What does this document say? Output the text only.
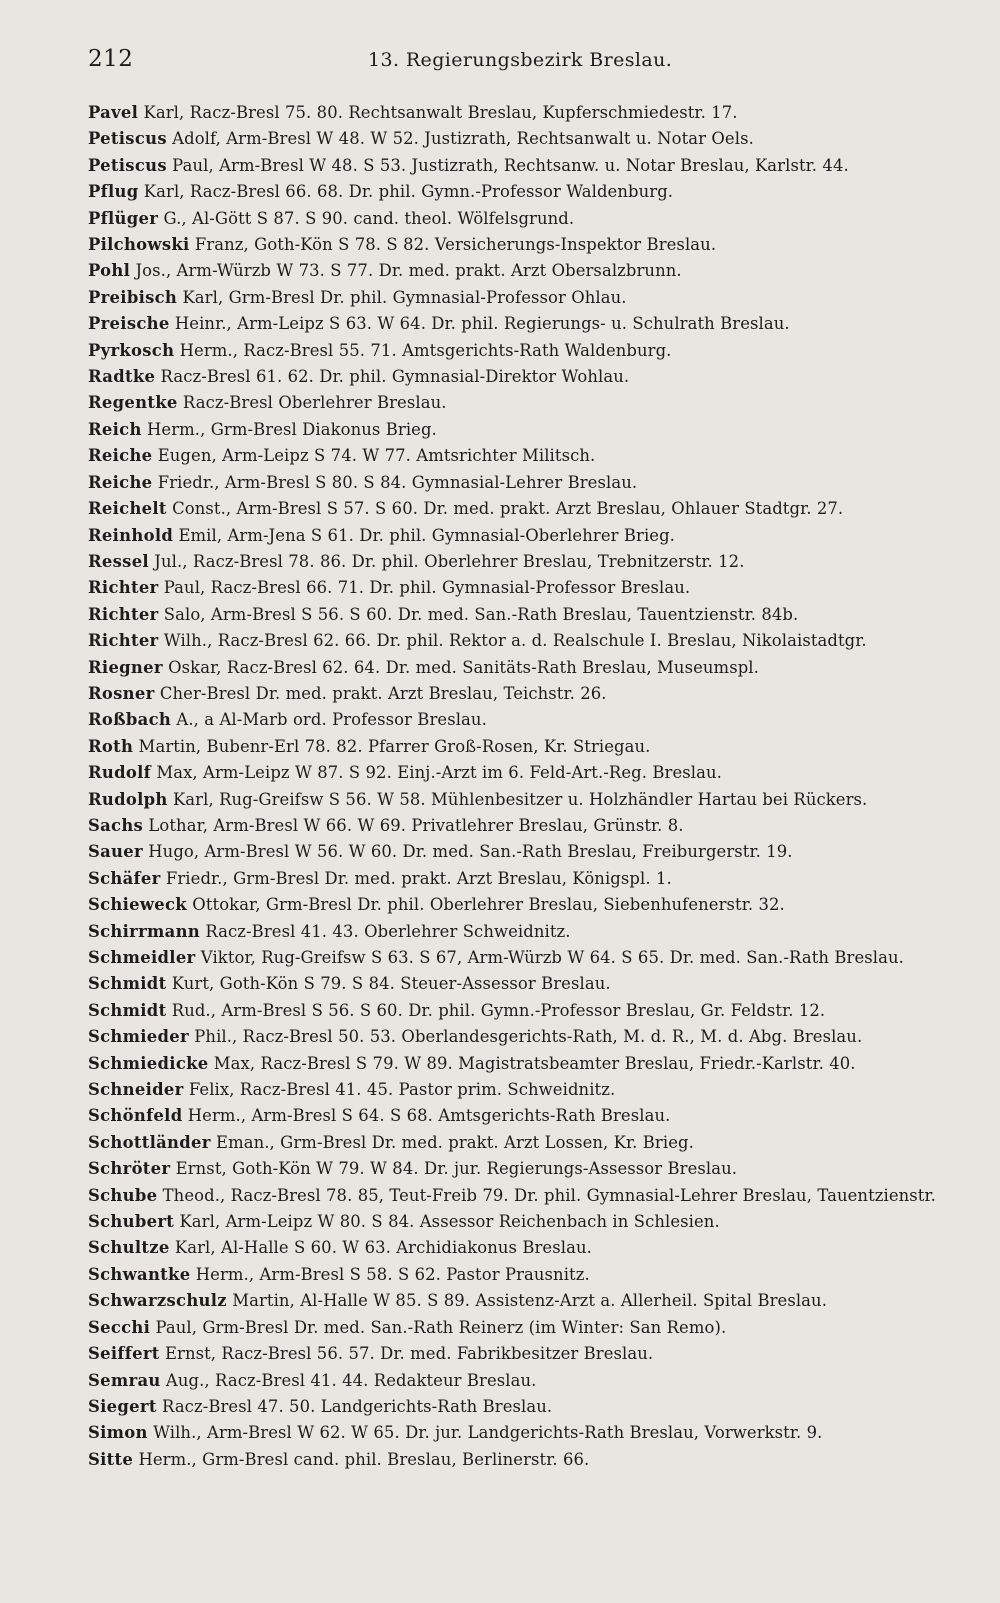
212	13. Regierungsbezirk Breslau.
Pavel Karl, Racz-Bresl 75. 80. Rechtsanwalt Breslau, Kupferschmiedestr. 17.
Petiscus Adolf, Arm-Bresl W 48. W 52. Justizrath, Rechtsanwalt u. Notar Oels.
Petiscus Paul, Arm-Bresl W 48. S 53. Justizrath, Rechtsanw. u. Notar Breslau, Karlstr. 44.
Pflug Karl, Racz-Bresl 66. 68. Dr. phil. Gymn.-Professor Waldenburg.
Pflüger G., Al-Gött S 87. S 90. cand. theol. Wölfelsgrund.
Pilchowski Franz, Goth-Kön S 78. S 82. Versicherungs-Inspektor Breslau.
Pohl Jos., Arm-Würzb W 73. S 77. Dr. med. prakt. Arzt Obersalzbrunn.
Preibisch Karl, Grm-Bresl Dr. phil. Gymnasial-Professor Ohlau.
Preische Heinr., Arm-Leipz S 63. W 64. Dr. phil. Regierungs- u. Schulrath Breslau.
Pyrkosch Herm., Racz-Bresl 55. 71. Amtsgerichts-Rath Waldenburg.
Radtke Racz-Bresl 61. 62. Dr. phil. Gymnasial-Direktor Wohlau.
Regentke Racz-Bresl Oberlehrer Breslau.
Reich Herm., Grm-Bresl Diakonus Brieg.
Reiche Eugen, Arm-Leipz S 74. W 77. Amtsrichter Militsch.
Reiche Friedr., Arm-Bresl S 80. S 84. Gymnasial-Lehrer Breslau.
Reichelt Const., Arm-Bresl S 57. S 60. Dr. med. prakt. Arzt Breslau, Ohlauer Stadtgr. 27.
Reinhold Emil, Arm-Jena S 61. Dr. phil. Gymnasial-Oberlehrer Brieg.
Ressel Jul., Racz-Bresl 78. 86. Dr. phil. Oberlehrer Breslau, Trebnitzerstr. 12.
Richter Paul, Racz-Bresl 66. 71. Dr. phil. Gymnasial-Professor Breslau.
Richter Salo, Arm-Bresl S 56. S 60. Dr. med. San.-Rath Breslau, Tauentzienstr. 84b.
Richter Wilh., Racz-Bresl 62. 66. Dr. phil. Rektor a. d. Realschule I. Breslau, Nikolaistadtgr.
Riegner Oskar, Racz-Bresl 62. 64. Dr. med. Sanitäts-Rath Breslau, Museumspl.
Rosner Cher-Bresl Dr. med. prakt. Arzt Breslau, Teichstr. 26.
Roßbach A., a Al-Marb ord. Professor Breslau.
Roth Martin, Bubenr-Erl 78. 82. Pfarrer Groß-Rosen, Kr. Striegau.
Rudolf Max, Arm-Leipz W 87. S 92. Einj.-Arzt im 6. Feld-Art.-Reg. Breslau.
Rudolph Karl, Rug-Greifsw S 56. W 58. Mühlenbesitzer u. Holzhändler Hartau bei Rückers.
Sachs Lothar, Arm-Bresl W 66. W 69. Privatlehrer Breslau, Grünstr. 8.
Sauer Hugo, Arm-Bresl W 56. W 60. Dr. med. San.-Rath Breslau, Freiburgerstr. 19.
Schäfer Friedr., Grm-Bresl Dr. med. prakt. Arzt Breslau, Königspl. 1.
Schieweck Ottokar, Grm-Bresl Dr. phil. Oberlehrer Breslau, Siebenhufenerstr. 32.
Schirrmann Racz-Bresl 41. 43. Oberlehrer Schweidnitz.
Schmeidler Viktor, Rug-Greifsw S 63. S 67, Arm-Würzb W 64. S 65. Dr. med. San.-Rath Breslau.
Schmidt Kurt, Goth-Kön S 79. S 84. Steuer-Assessor Breslau.
Schmidt Rud., Arm-Bresl S 56. S 60. Dr. phil. Gymn.-Professor Breslau, Gr. Feldstr. 12.
Schmieder Phil., Racz-Bresl 50. 53. Oberlandesgerichts-Rath, M. d. R., M. d. Abg. Breslau.
Schmiedicke Max, Racz-Bresl S 79. W 89. Magistratsbeamter Breslau, Friedr.-Karlstr. 40.
Schneider Felix, Racz-Bresl 41. 45. Pastor prim. Schweidnitz.
Schönfeld Herm., Arm-Bresl S 64. S 68. Amtsgerichts-Rath Breslau.
Schottländer Eman., Grm-Bresl Dr. med. prakt. Arzt Lossen, Kr. Brieg.
Schröter Ernst, Goth-Kön W 79. W 84. Dr. jur. Regierungs-Assessor Breslau.
Schube Theod., Racz-Bresl 78. 85, Teut-Freib 79. Dr. phil. Gymnasial-Lehrer Breslau, Tauentzienstr.
Schubert Karl, Arm-Leipz W 80. S 84. Assessor Reichenbach in Schlesien.
Schultze Karl, Al-Halle S 60. W 63. Archidiakonus Breslau.
Schwantke Herm., Arm-Bresl S 58. S 62. Pastor Prausnitz.
Schwarzschulz Martin, Al-Halle W 85. S 89. Assistenz-Arzt a. Allerheil. Spital Breslau.
Secchi Paul, Grm-Bresl Dr. med. San.-Rath Reinerz (im Winter: San Remo).
Seiffert Ernst, Racz-Bresl 56. 57. Dr. med. Fabrikbesitzer Breslau.
Semrau Aug., Racz-Bresl 41. 44. Redakteur Breslau.
Siegert Racz-Bresl 47. 50. Landgerichts-Rath Breslau.
Simon Wilh., Arm-Bresl W 62. W 65. Dr. jur. Landgerichts-Rath Breslau, Vorwerkstr. 9.
Sitte Herm., Grm-Bresl cand. phil. Breslau, Berlinerstr. 66.
